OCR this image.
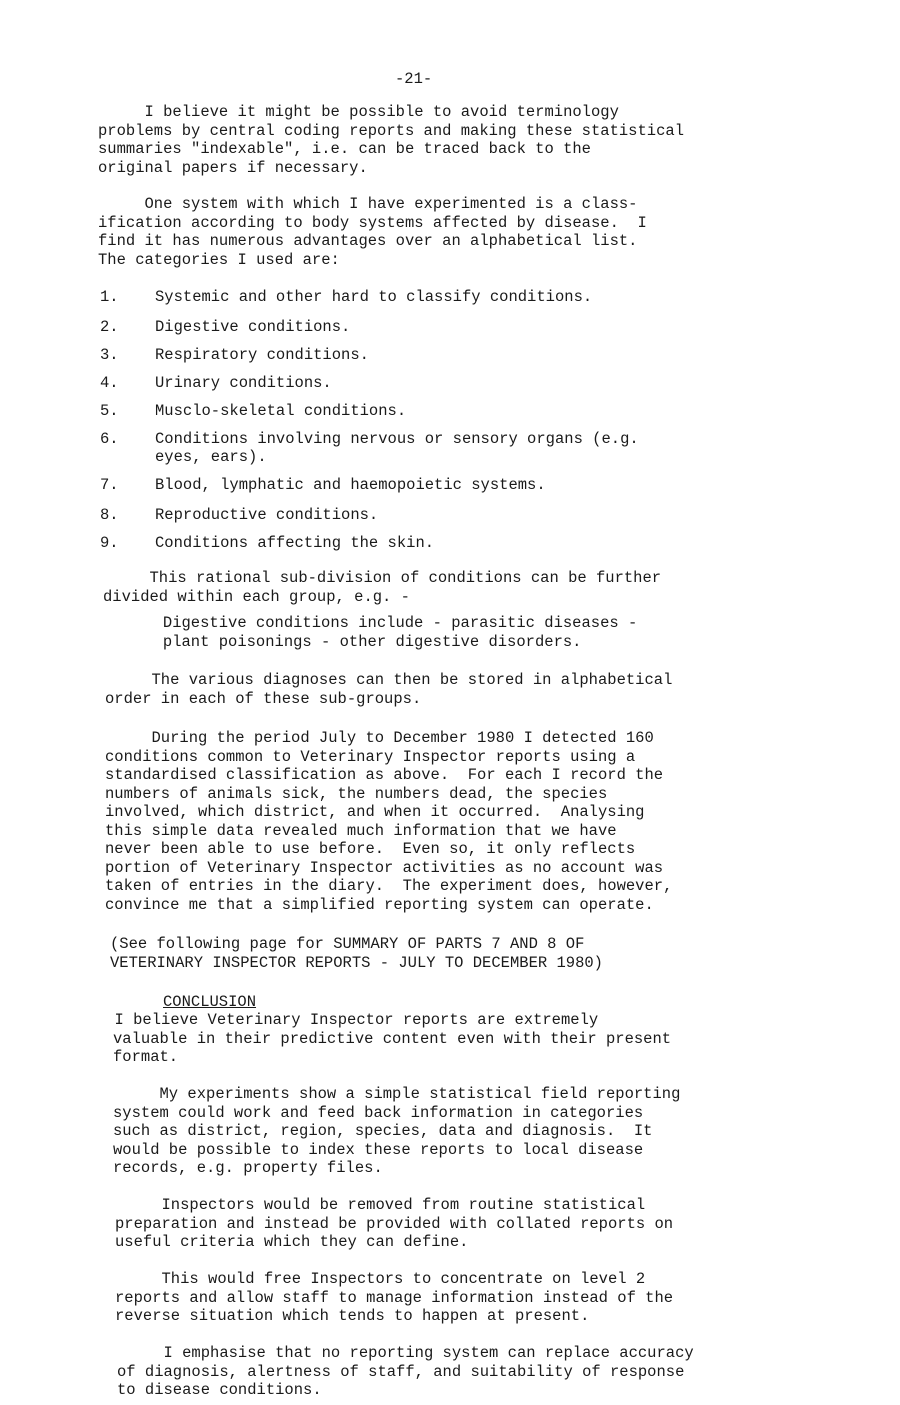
-21-

I believe it might be possible to avoid terminology
problems by central coding reports and making these statistical
summaries "indexable", i.e. can be traced back to the
original papers if necessary.

One system with which I have experimented is a class-
ification according to body systems affected by disease.  I
find it has numerous advantages over an alphabetical list.
The categories I used are:

1.	Systemic and other hard to classify conditions.
2.	Digestive conditions.
3.	Respiratory conditions.
4.	Urinary conditions.
5.	Musclo-skeletal conditions.
6.	Conditions involving nervous or sensory organs (e.g.
eyes, ears).
7.	Blood, lymphatic and haemopoietic systems.
8.	Reproductive conditions.
9.	Conditions affecting the skin.

This rational sub-division of conditions can be further
divided within each group, e.g. -

Digestive conditions include - parasitic diseases -
plant poisonings - other digestive disorders.

The various diagnoses can then be stored in alphabetical
order in each of these sub-groups.

During the period July to December 1980 I detected 160
conditions common to Veterinary Inspector reports using a
standardised classification as above.  For each I record the
numbers of animals sick, the numbers dead, the species
involved, which district, and when it occurred.  Analysing
this simple data revealed much information that we have
never been able to use before.  Even so, it only reflects
portion of Veterinary Inspector activities as no account was
taken of entries in the diary.  The experiment does, however,
convince me that a simplified reporting system can operate.

(See following page for SUMMARY OF PARTS 7 AND 8 OF
VETERINARY INSPECTOR REPORTS - JULY TO DECEMBER 1980)

CONCLUSION

I believe Veterinary Inspector reports are extremely
valuable in their predictive content even with their present
format.

My experiments show a simple statistical field reporting
system could work and feed back information in categories
such as district, region, species, data and diagnosis.  It
would be possible to index these reports to local disease
records, e.g. property files.

Inspectors would be removed from routine statistical
preparation and instead be provided with collated reports on
useful criteria which they can define.

This would free Inspectors to concentrate on level 2
reports and allow staff to manage information instead of the
reverse situation which tends to happen at present.

I emphasise that no reporting system can replace accuracy
of diagnosis, alertness of staff, and suitability of response
to disease conditions.
